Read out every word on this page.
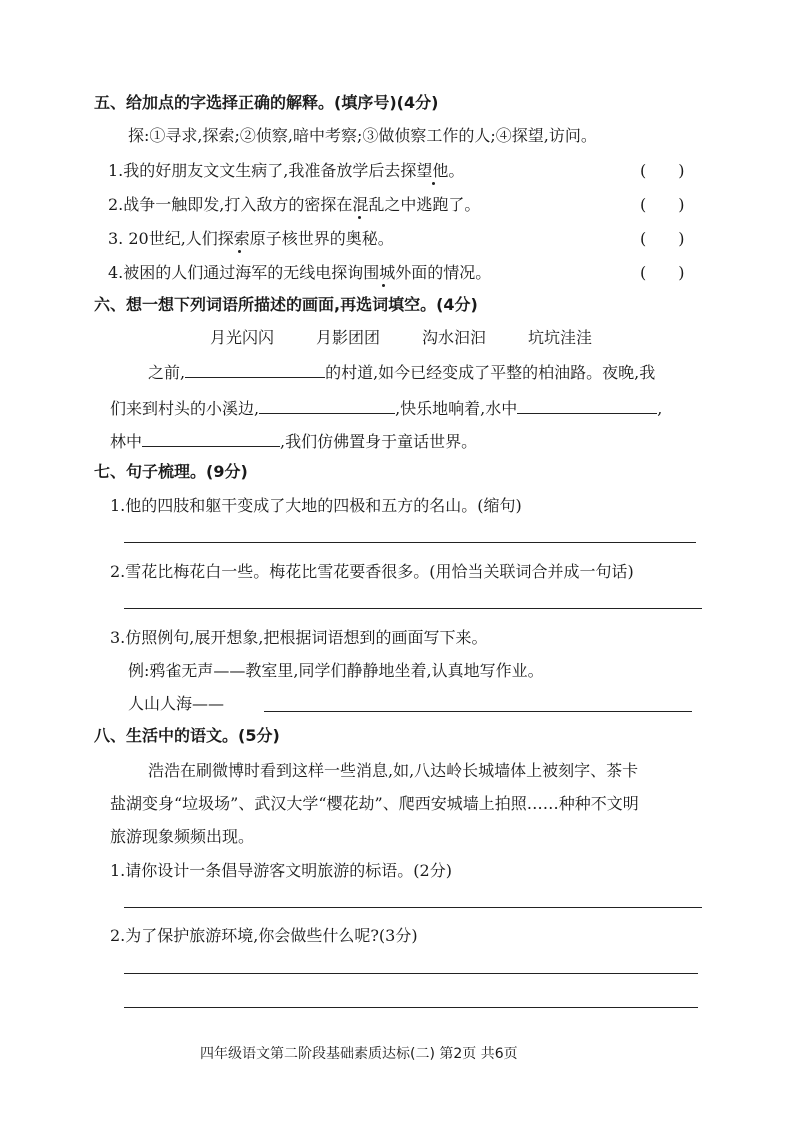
五、给加点的字选择正确的解释。(填序号)(4分)
探:①寻求,探索;②侦察,暗中考察;③做侦察工作的人;④探望,访问。
1.我的好朋友文文生病了,我准备放学后去探望他。	(　　)
2.战争一触即发,打入敌方的密探在混乱之中逃跑了。	(　　)
3. 20世纪,人们探索原子核世界的奥秘。	(　　)
4.被困的人们通过海军的无线电探询围城外面的情况。	(　　)
六、想一想下列词语所描述的画面,再选词填空。(4分)
月光闪闪	月影团团	沟水汩汩	坑坑洼洼
之前,	的村道,如今已经变成了平整的柏油路。夜晚,我
们来到村头的小溪边,	,快乐地响着,水中	,
林中	,我们仿佛置身于童话世界。
七、句子梳理。(9分)
1.他的四肢和躯干变成了大地的四极和五方的名山。(缩句)
2.雪花比梅花白一些。梅花比雪花要香很多。(用恰当关联词合并成一句话)
3.仿照例句,展开想象,把根据词语想到的画面写下来。
例:鸦雀无声——教室里,同学们静静地坐着,认真地写作业。
人山人海——
八、生活中的语文。(5分)
浩浩在刷微博时看到这样一些消息,如,八达岭长城墙体上被刻字、茶卡
盐湖变身“垃圾场”、武汉大学“樱花劫”、爬西安城墙上拍照……种种不文明
旅游现象频频出现。
1.请你设计一条倡导游客文明旅游的标语。(2分)
2.为了保护旅游环境,你会做些什么呢?(3分)
四年级语文第二阶段基础素质达标(二) 第2页 共6页
